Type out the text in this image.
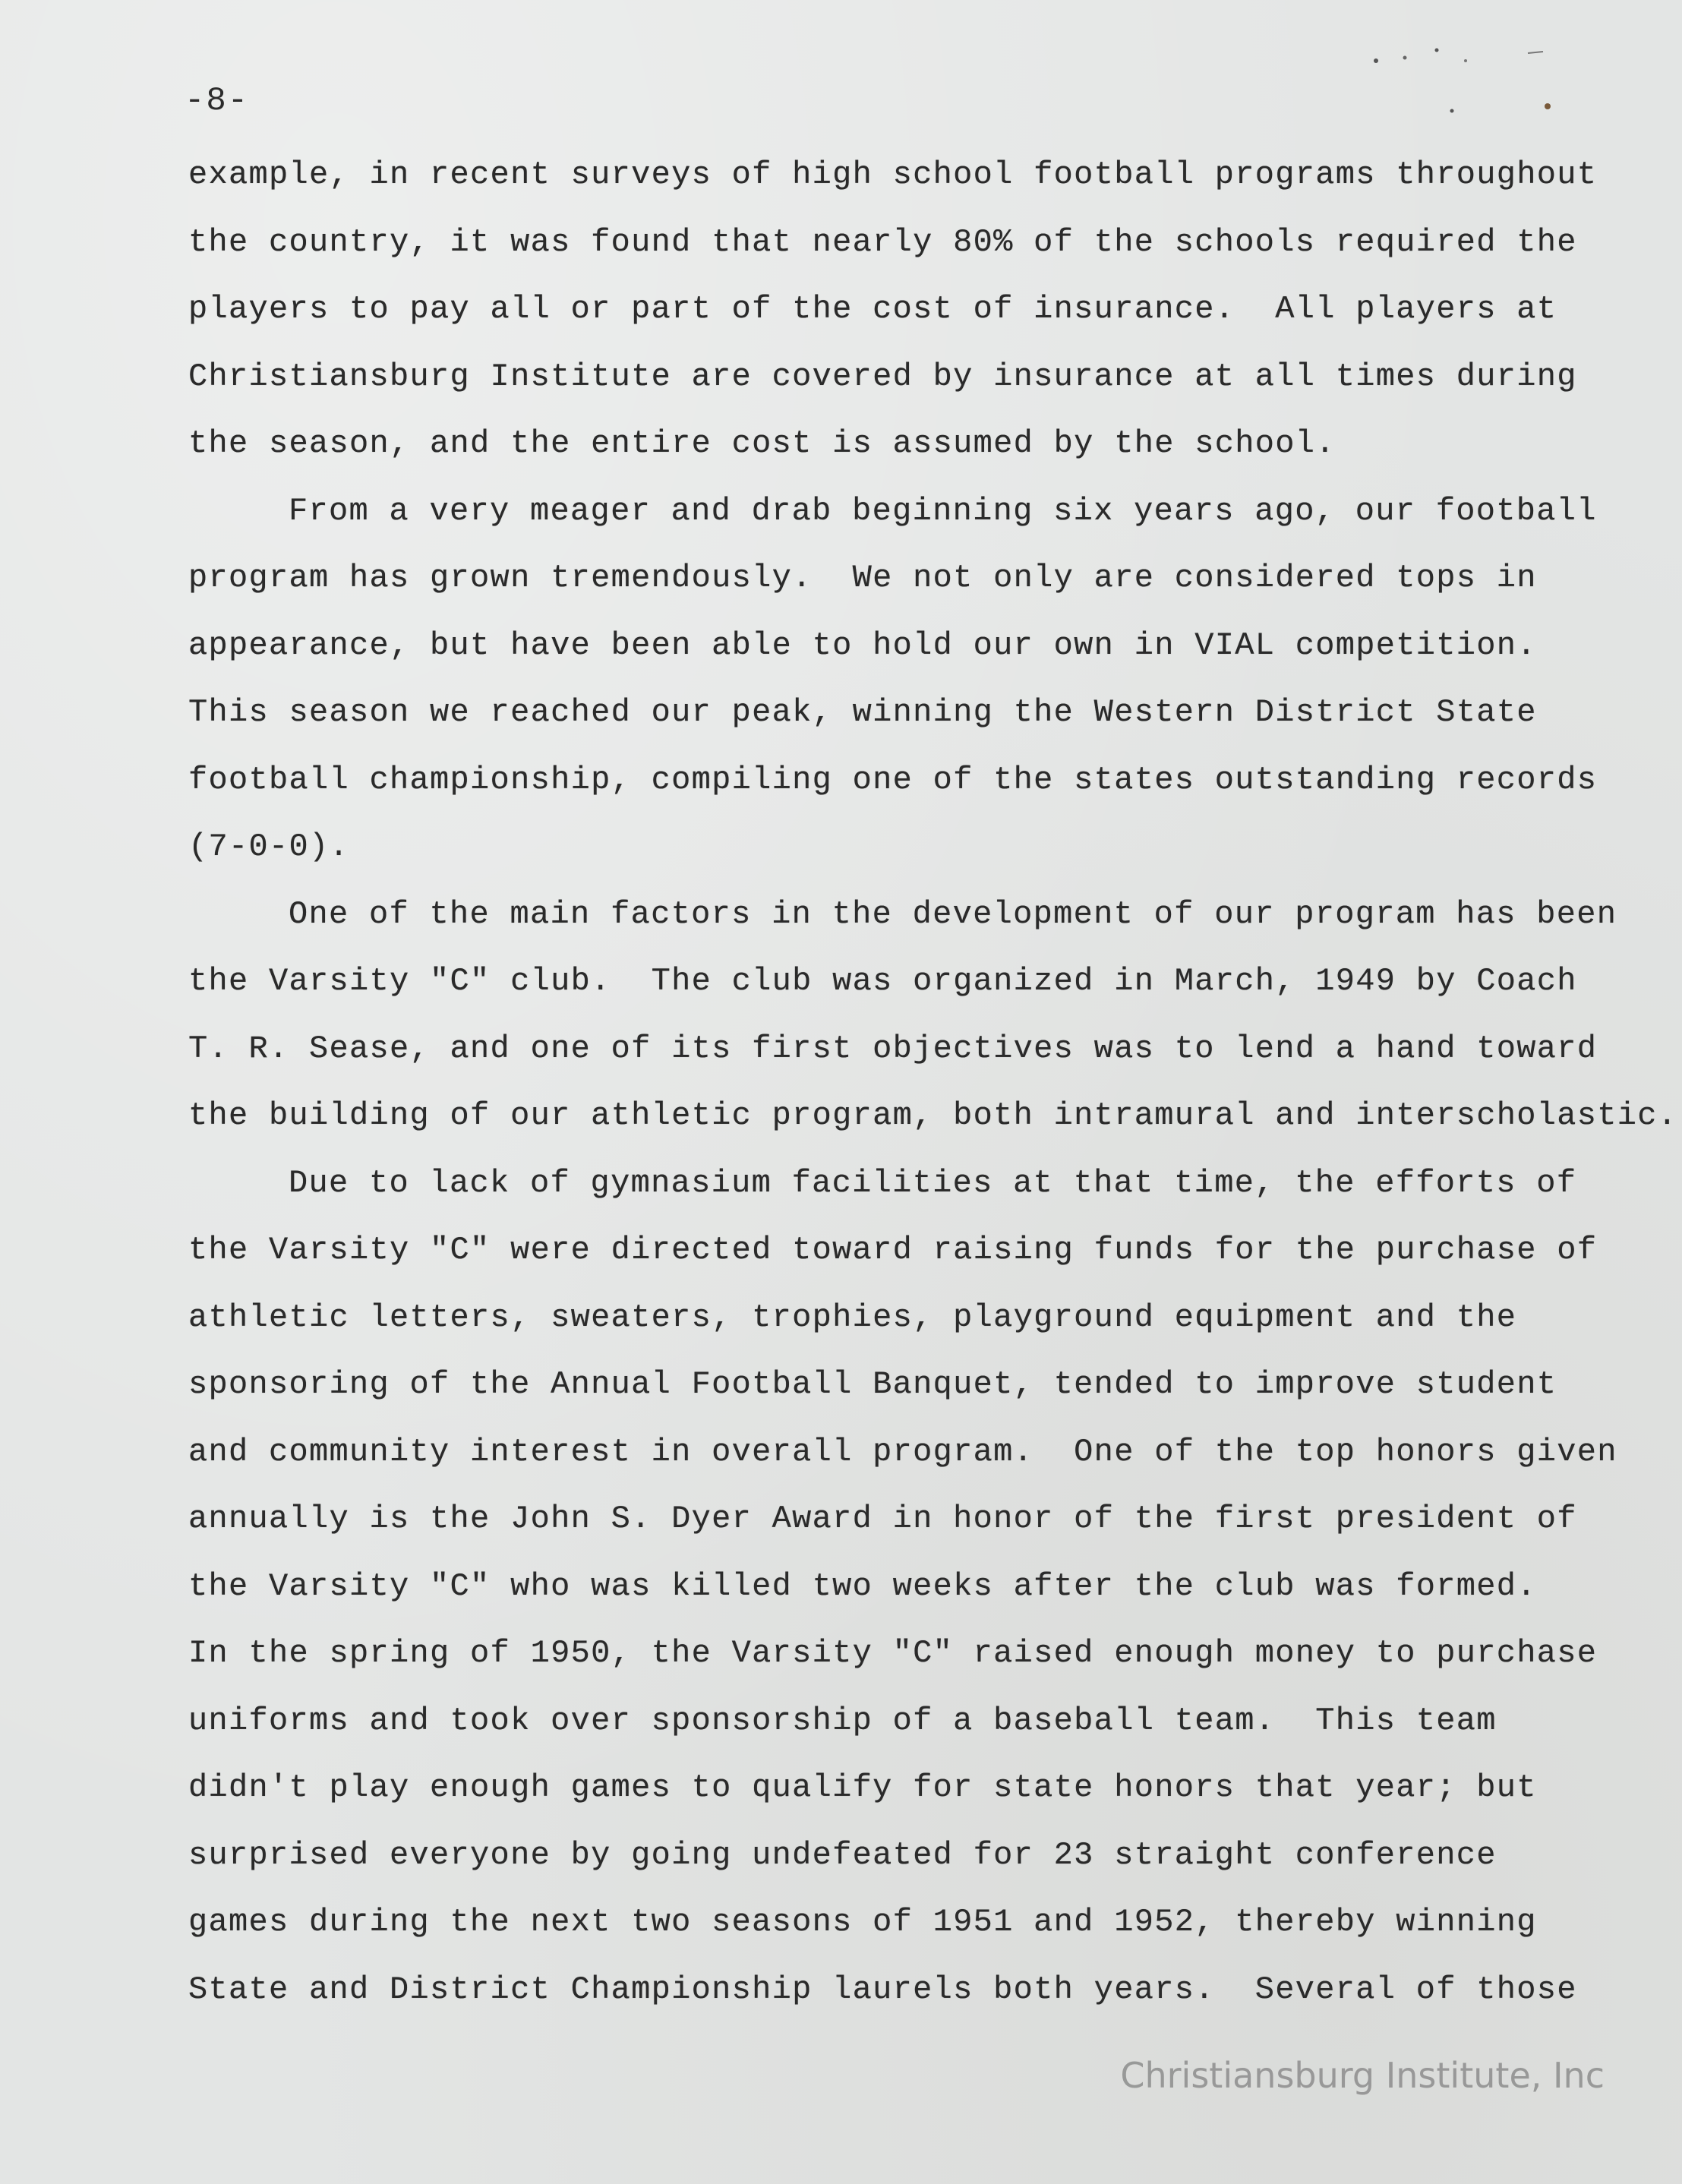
-8-
example, in recent surveys of high school football programs throughout
the country, it was found that nearly 80% of the schools required the
players to pay all or part of the cost of insurance.  All players at
Christiansburg Institute are covered by insurance at all times during
the season, and the entire cost is assumed by the school.
From a very meager and drab beginning six years ago, our football
program has grown tremendously.  We not only are considered tops in
appearance, but have been able to hold our own in VIAL competition.
This season we reached our peak, winning the Western District State
football championship, compiling one of the states outstanding records
(7-0-0).
One of the main factors in the development of our program has been
the Varsity "C" club.  The club was organized in March, 1949 by Coach
T. R. Sease, and one of its first objectives was to lend a hand toward
the building of our athletic program, both intramural and interscholastic.
Due to lack of gymnasium facilities at that time, the efforts of
the Varsity "C" were directed toward raising funds for the purchase of
athletic letters, sweaters, trophies, playground equipment and the
sponsoring of the Annual Football Banquet, tended to improve student
and community interest in overall program.  One of the top honors given
annually is the John S. Dyer Award in honor of the first president of
the Varsity "C" who was killed two weeks after the club was formed.
In the spring of 1950, the Varsity "C" raised enough money to purchase
uniforms and took over sponsorship of a baseball team.  This team
didn't play enough games to qualify for state honors that year; but
surprised everyone by going undefeated for 23 straight conference
games during the next two seasons of 1951 and 1952, thereby winning
State and District Championship laurels both years.  Several of those
Christiansburg Institute, Inc
